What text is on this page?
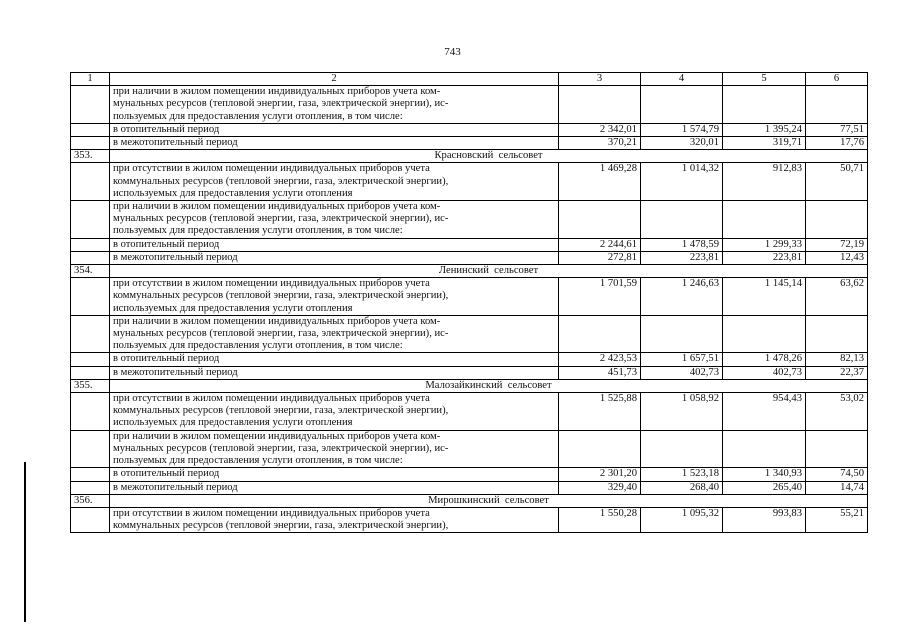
743
1	2	3	4	5	6

	при наличии в жилом помещении индивидуальных приборов учета ком-
мунальных ресурсов (тепловой энергии, газа, электрической энергии), ис-
пользуемых для предоставления услуги отопления, в том числе:				

	в отопительный период	2 342,01	1 574,79	1 395,24	77,51
	в межотопительный период	370,21	320,01	319,71	17,76
353.	Красновский  сельсовет				

	при отсутствии в жилом помещении индивидуальных приборов учета
коммунальных ресурсов (тепловой энергии, газа, электрической энергии),
используемых для предоставления услуги отопления	1 469,28	1 014,32	912,83	50,71

	при наличии в жилом помещении индивидуальных приборов учета ком-
мунальных ресурсов (тепловой энергии, газа, электрической энергии), ис-
пользуемых для предоставления услуги отопления, в том числе:				

	в отопительный период	2 244,61	1 478,59	1 299,33	72,19
	в межотопительный период	272,81	223,81	223,81	12,43
354.	Ленинский  сельсовет				

	при отсутствии в жилом помещении индивидуальных приборов учета
коммунальных ресурсов (тепловой энергии, газа, электрической энергии),
используемых для предоставления услуги отопления	1 701,59	1 246,63	1 145,14	63,62

	при наличии в жилом помещении индивидуальных приборов учета ком-
мунальных ресурсов (тепловой энергии, газа, электрической энергии), ис-
пользуемых для предоставления услуги отопления, в том числе:				

	в отопительный период	2 423,53	1 657,51	1 478,26	82,13
	в межотопительный период	451,73	402,73	402,73	22,37
355.	Малозайкинский  сельсовет				

	при отсутствии в жилом помещении индивидуальных приборов учета
коммунальных ресурсов (тепловой энергии, газа, электрической энергии),
используемых для предоставления услуги отопления	1 525,88	1 058,92	954,43	53,02

	при наличии в жилом помещении индивидуальных приборов учета ком-
мунальных ресурсов (тепловой энергии, газа, электрической энергии), ис-
пользуемых для предоставления услуги отопления, в том числе:				

	в отопительный период	2 301,20	1 523,18	1 340,93	74,50
	в межотопительный период	329,40	268,40	265,40	14,74
356.	Мирошкинский  сельсовет				

	при отсутствии в жилом помещении индивидуальных приборов учета
коммунальных ресурсов (тепловой энергии, газа, электрической энергии),	1 550,28	1 095,32	993,83	55,21
